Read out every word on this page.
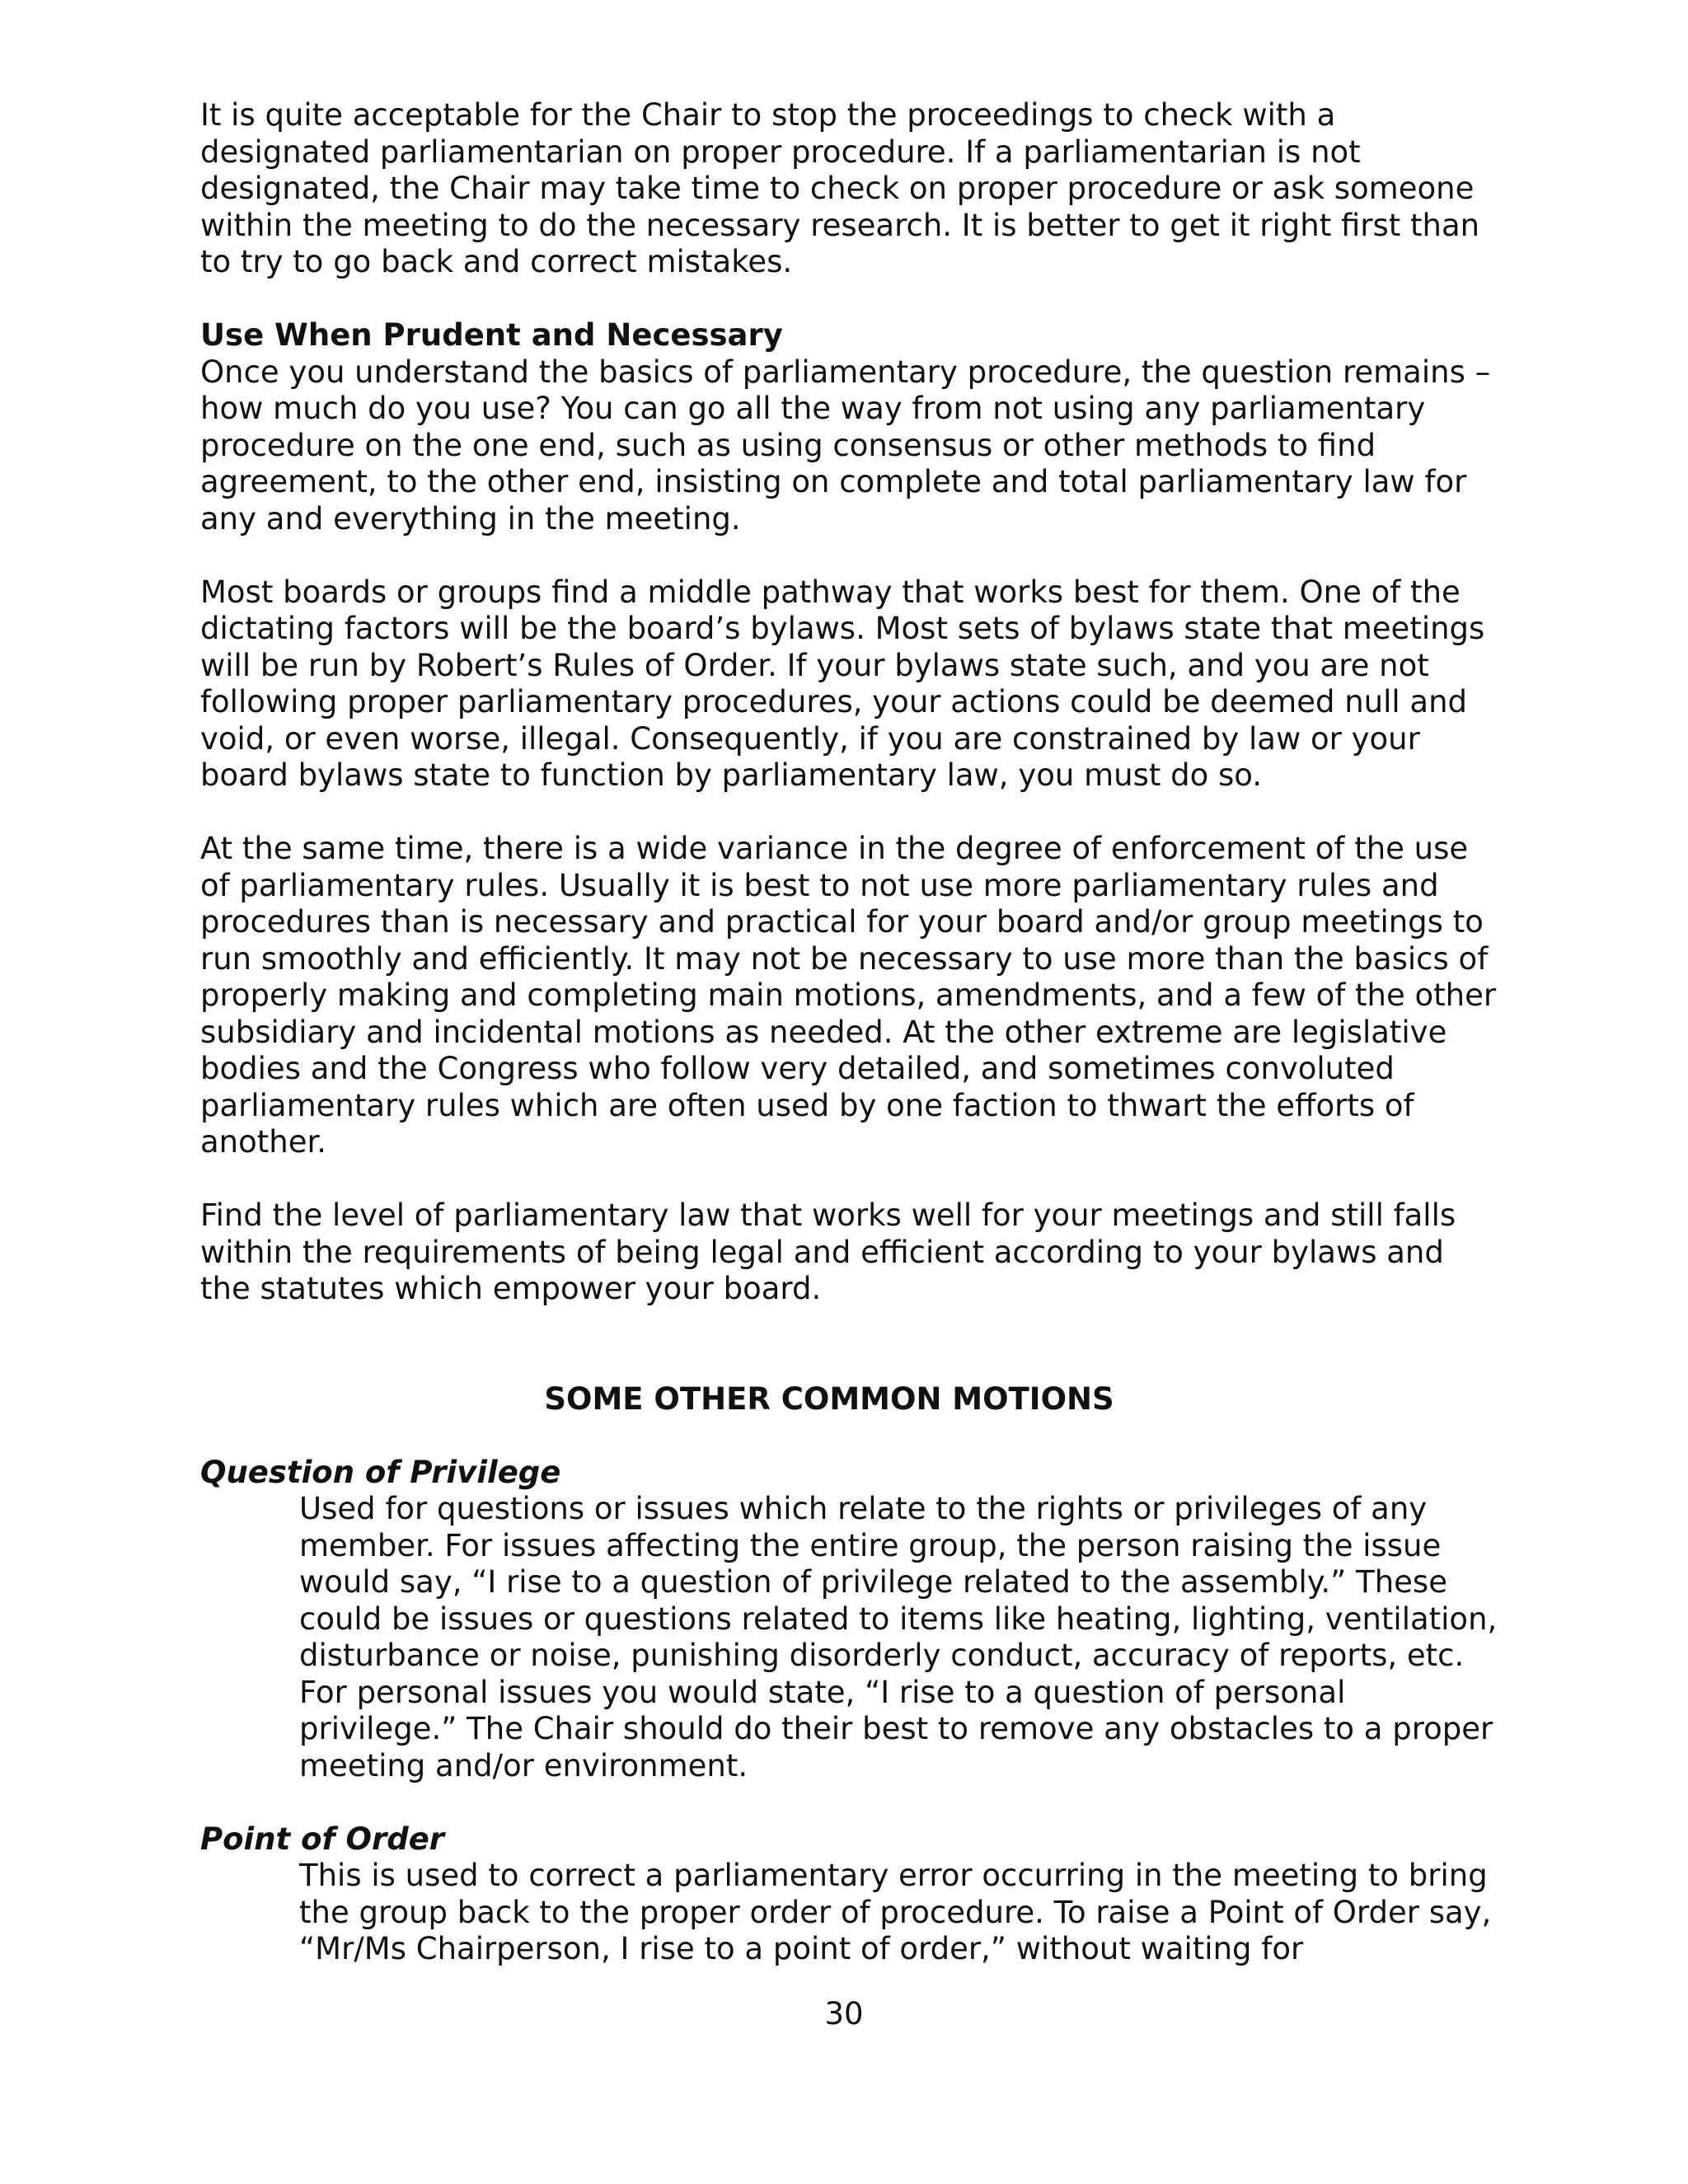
It is quite acceptable for the Chair to stop the proceedings to check with a designated parliamentarian on proper procedure. If a parliamentarian is not designated, the Chair may take time to check on proper procedure or ask someone within the meeting to do the necessary research. It is better to get it right first than to try to go back and correct mistakes.

Use When Prudent and Necessary

Once you understand the basics of parliamentary procedure, the question remains – how much do you use? You can go all the way from not using any parliamentary procedure on the one end, such as using consensus or other methods to find agreement, to the other end, insisting on complete and total parliamentary law for any and everything in the meeting.

Most boards or groups find a middle pathway that works best for them. One of the dictating factors will be the board’s bylaws. Most sets of bylaws state that meetings will be run by Robert’s Rules of Order. If your bylaws state such, and you are not following proper parliamentary procedures, your actions could be deemed null and void, or even worse, illegal. Consequently, if you are constrained by law or your board bylaws state to function by parliamentary law, you must do so.

At the same time, there is a wide variance in the degree of enforcement of the use of parliamentary rules. Usually it is best to not use more parliamentary rules and procedures than is necessary and practical for your board and/or group meetings to run smoothly and efficiently. It may not be necessary to use more than the basics of properly making and completing main motions, amendments, and a few of the other subsidiary and incidental motions as needed. At the other extreme are legislative bodies and the Congress who follow very detailed, and sometimes convoluted parliamentary rules which are often used by one faction to thwart the efforts of another.

Find the level of parliamentary law that works well for your meetings and still falls within the requirements of being legal and efficient according to your bylaws and the statutes which empower your board.

SOME OTHER COMMON MOTIONS
Question of Privilege

Used for questions or issues which relate to the rights or privileges of any member. For issues affecting the entire group, the person raising the issue would say, “I rise to a question of privilege related to the assembly.” These could be issues or questions related to items like heating, lighting, ventilation, disturbance or noise, punishing disorderly conduct, accuracy of reports, etc. For personal issues you would state, “I rise to a question of personal privilege.” The Chair should do their best to remove any obstacles to a proper meeting and/or environment.

Point of Order

This is used to correct a parliamentary error occurring in the meeting to bring the group back to the proper order of procedure. To raise a Point of Order say, “Mr/Ms Chairperson, I rise to a point of order,” without waiting for

30
